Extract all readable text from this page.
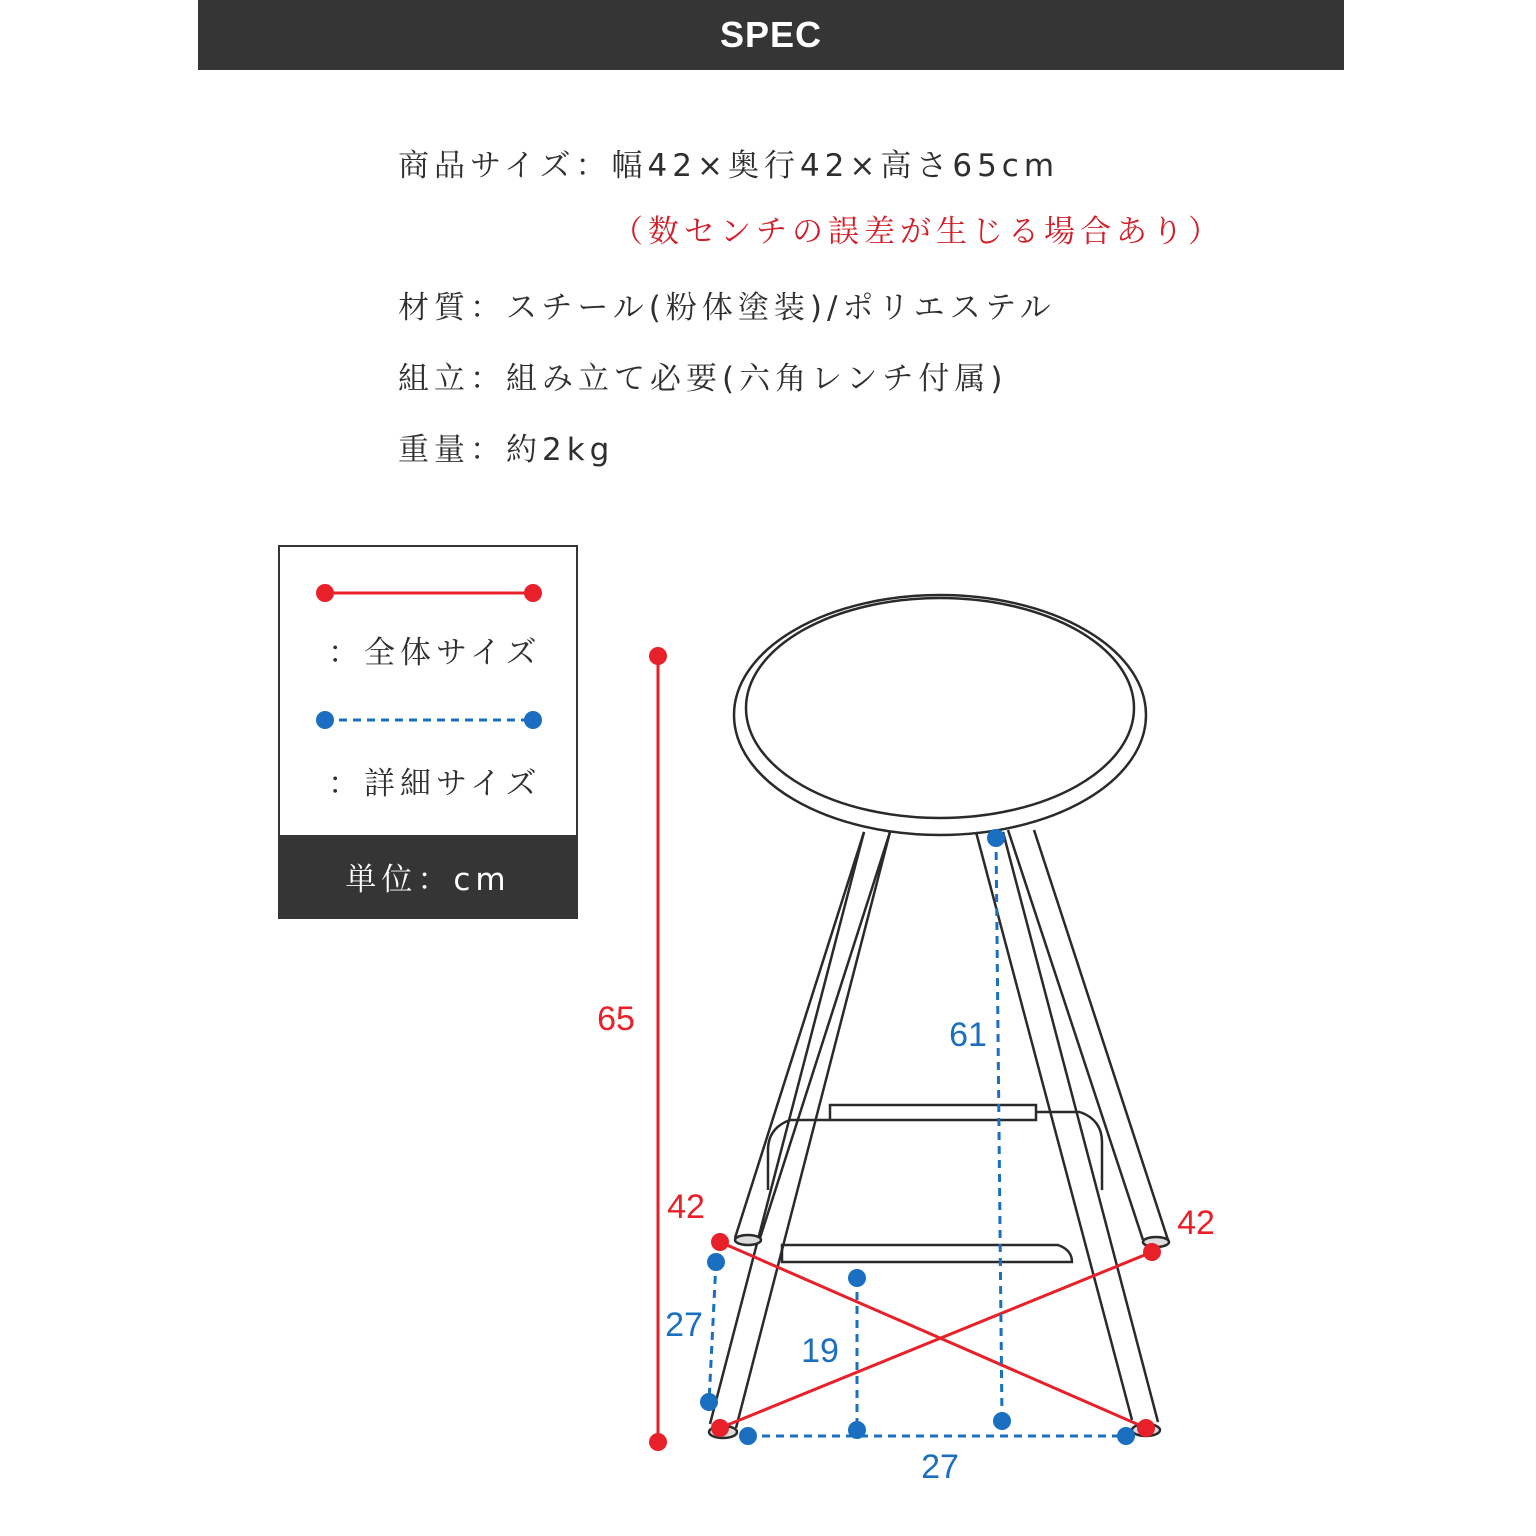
SPEC
商品サイズ：幅42×奥行42×高さ65cm
（数センチの誤差が生じる場合あり）
材質：スチール(粉体塗装)/ポリエステル
組立：組み立て必要(六角レンチ付属)
重量：約2kg
：全体サイズ
：詳細サイズ
単位：cm
65
42	42
61
19
27
27
